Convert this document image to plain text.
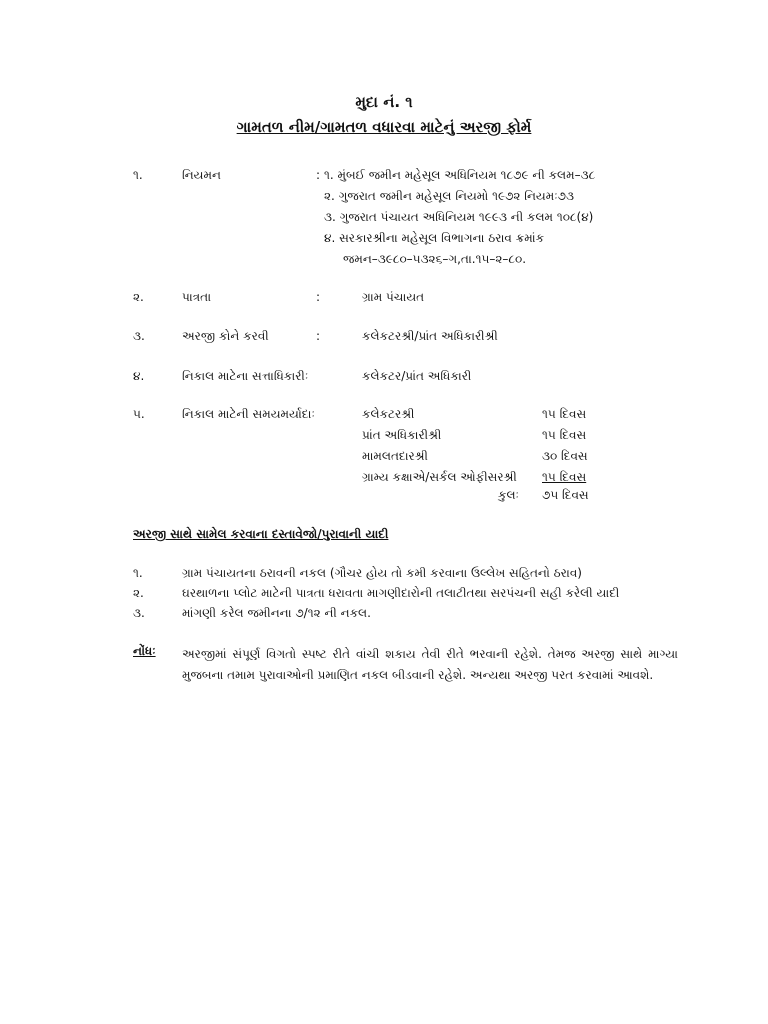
મુદા નં. ૧
ગામતળ નીમ/ગામતળ વધારવા માટેનું અરજી ફોર્મ
૧.	નિયમન	: ૧. મુંબઈ જમીન મહેસૂલ અધિનિયમ ૧૮૭૯ ની કલમ–૩૮
૨. ગુજરાત જમીન મહેસૂલ નિયમો ૧૯૭૨ નિયમઃ૭૩
૩. ગુજરાત પંચાયત અધિનિયમ ૧૯૯૩ ની કલમ ૧૦૮(૪)
૪. સરકારશ્રીના મહેસૂલ વિભાગના ઠરાવ ક્રમાંક
જમન–૩૯૮૦–૫૩૨૬–ગ,તા.૧૫–૨–૮૦.
૨.	પાત્રતા	:	ગ્રામ પંચાયત
૩.	અરજી કોને કરવી	:	કલેકટરશ્રી/પ્રાંત અધિકારીશ્રી
૪.	નિકાલ માટેના સત્તાધિકારીઃ	કલેકટર/પ્રાંત અધિકારી
૫.	નિકાલ માટેની સમયમર્યાદાઃ	કલેકટરશ્રી	૧૫ દિવસ
પ્રાંત અધિકારીશ્રી	૧૫ દિવસ
મામલતદારશ્રી	૩૦ દિવસ
ગ્રામ્ય કક્ષાએ/સર્કલ ઓફીસરશ્રી ૧૫ દિવસ
કુલઃ ૭૫ દિવસ
અરજી સાથે સામેલ કરવાના દસ્તાવેજો/પુરાવાની યાદી
૧.	ગ્રામ પંચાયતના ઠરાવની નકલ (ગૌચર હોય તો કમી કરવાના ઉલ્લેખ સહિતનો ઠરાવ)
૨.	ઘરથાળના પ્લોટ માટેની પાત્રતા ધરાવતા માગણીદારોની તલાટીતથા સરપંચની સહી કરેલી યાદી
૩.	માંગણી કરેલ જમીનના ૭/૧૨ ની નકલ.
નોંધ અરજીમાં સંપૂર્ણ વિગતો સ્પષ્ટ રીતે વાંચી શકાય તેવી રીતે ભરવાની રહેશે. તેમજ અરજી સાથે માગ્યા મુજબના તમામ પુરાવાઓની પ્રમાણિત નકલ બીડવાની રહેશે. અન્યથા અરજી પરત કરવામાં આવશે.
